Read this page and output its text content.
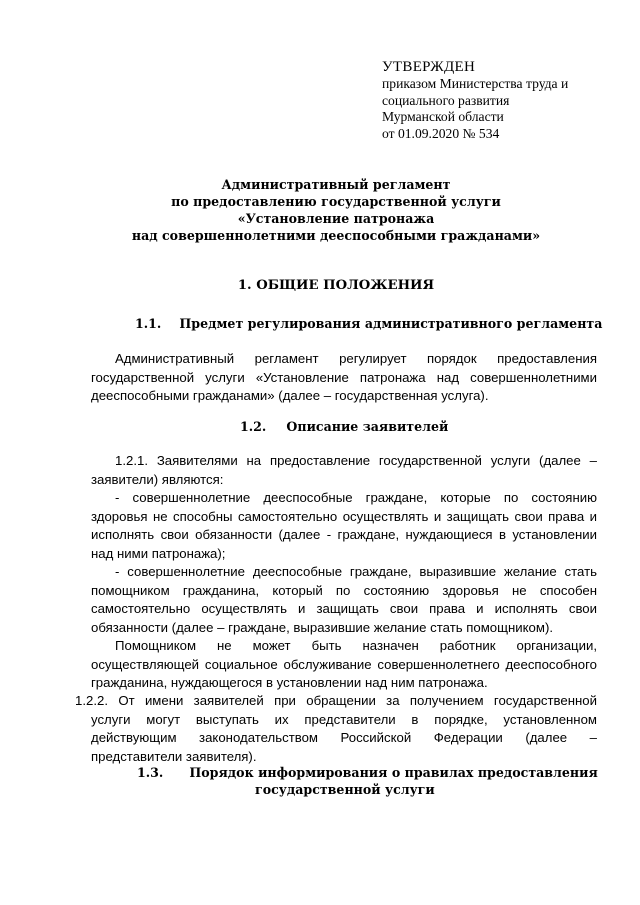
УТВЕРЖДЕН
приказом Министерства труда и
социального развития
Мурманской области
от 01.09.2020 № 534
Административный регламент
по предоставлению государственной услуги
«Установление патронажа
над совершеннолетними дееспособными гражданами»
1. ОБЩИЕ ПОЛОЖЕНИЯ
1.1. Предмет регулирования административного регламента
Административный регламент регулирует порядок предоставления
государственной услуги «Установление патронажа над совершеннолетними
дееспособными гражданами» (далее – государственная услуга).
1.2. Описание заявителей
1.2.1. Заявителями на предоставление государственной услуги (далее –
заявители) являются:
- совершеннолетние дееспособные граждане, которые по состоянию
здоровья не способны самостоятельно осуществлять и защищать свои права и
исполнять свои обязанности (далее - граждане, нуждающиеся в установлении
над ними патронажа);
- совершеннолетние дееспособные граждане, выразившие желание стать
помощником гражданина, который по состоянию здоровья не способен
самостоятельно осуществлять и защищать свои права и исполнять свои
обязанности (далее – граждане, выразившие желание стать помощником).
Помощником не может быть назначен работник организации,
осуществляющей социальное обслуживание совершеннолетнего дееспособного
гражданина, нуждающегося в установлении над ним патронажа.
1.2.2. От имени заявителей при обращении за получением государственной
услуги могут выступать их представители в порядке, установленном
действующим законодательством Российской Федерации (далее –
представители заявителя).
1.3. Порядок информирования о правилах предоставления
государственной услуги
